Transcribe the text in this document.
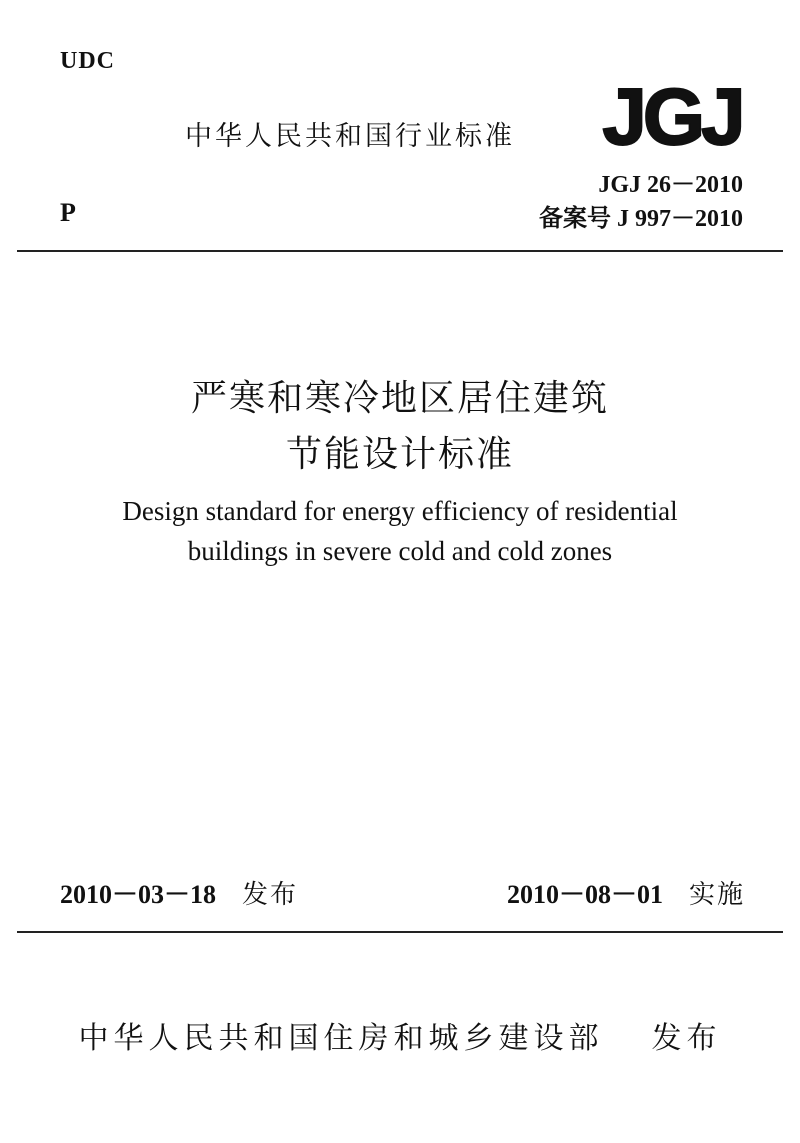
UDC
P
中华人民共和国行业标准 JGJ
JGJ 26－2010
备案号 J 997－2010
严寒和寒冷地区居住建筑
节能设计标准
Design standard for energy efficiency of residential
buildings in severe cold and cold zones
2010－03－18 发布	2010－08－01 实施
中华人民共和国住房和城乡建设部 发布
